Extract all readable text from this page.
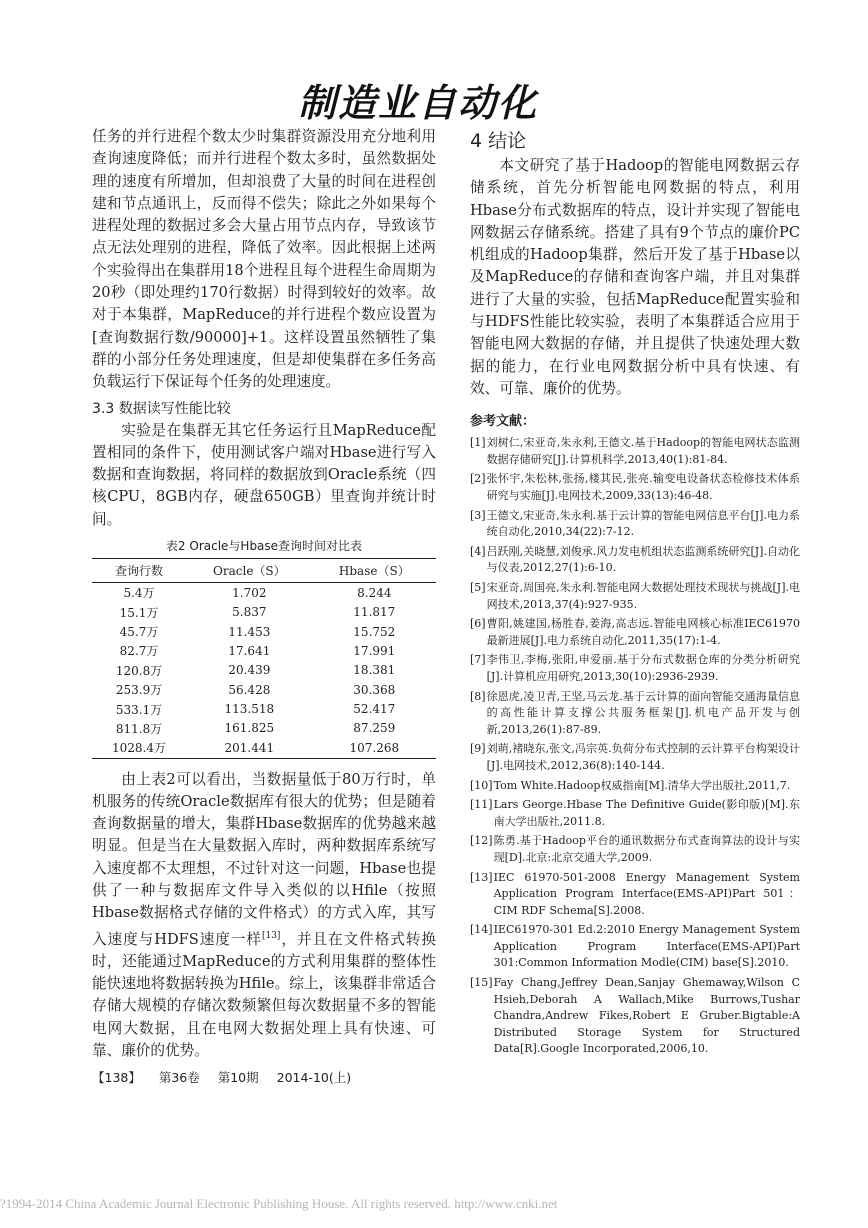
制造业自动化

任务的并行进程个数太少时集群资源没用充分地利用查询速度降低；而并行进程个数太多时，虽然数据处理的速度有所增加，但却浪费了大量的时间在进程创建和节点通讯上，反而得不偿失；除此之外如果每个进程处理的数据过多会大量占用节点内存，导致该节点无法处理别的进程，降低了效率。因此根据上述两个实验得出在集群用18个进程且每个进程生命周期为20秒（即处理约170行数据）时得到较好的效率。故对于本集群，MapReduce的并行进程个数应设置为[查询数据行数/90000]+1。这样设置虽然牺牲了集群的小部分任务处理速度，但是却使集群在多任务高负载运行下保证每个任务的处理速度。

3.3 数据读写性能比较

实验是在集群无其它任务运行且MapReduce配置相同的条件下，使用测试客户端对Hbase进行写入数据和查询数据，将同样的数据放到Oracle系统（四核CPU，8GB内存，硬盘650GB）里查询并统计时间。

表2 Oracle与Hbase查询时间对比表
查询行数	Oracle（S）	Hbase（S）
5.4万	1.702	8.244
15.1万	5.837	11.817
45.7万	11.453	15.752
82.7万	17.641	17.991
120.8万	20.439	18.381
253.9万	56.428	30.368
533.1万	113.518	52.417
811.8万	161.825	87.259
1028.4万	201.441	107.268

由上表2可以看出，当数据量低于80万行时，单机服务的传统Oracle数据库有很大的优势；但是随着查询数据量的增大，集群Hbase数据库的优势越来越明显。但是当在大量数据入库时，两种数据库系统写入速度都不太理想，不过针对这一问题，Hbase也提供了一种与数据库文件导入类似的以Hfile（按照Hbase数据格式存储的文件格式）的方式入库，其写入速度与HDFS速度一样[13]，并且在文件格式转换时，还能通过MapReduce的方式利用集群的整体性能快速地将数据转换为Hfile。综上，该集群非常适合存储大规模的存储次数频繁但每次数据量不多的智能电网大数据，且在电网大数据处理上具有快速、可靠、廉价的优势。

4 结论

本文研究了基于Hadoop的智能电网数据云存储系统，首先分析智能电网数据的特点，利用Hbase分布式数据库的特点，设计并实现了智能电网数据云存储系统。搭建了具有9个节点的廉价PC机组成的Hadoop集群，然后开发了基于Hbase以及MapReduce的存储和查询客户端，并且对集群进行了大量的实验，包括MapReduce配置实验和与HDFS性能比较实验，表明了本集群适合应用于智能电网大数据的存储，并且提供了快速处理大数据的能力，在行业电网数据分析中具有快速、有效、可靠、廉价的优势。

参考文献：
[1] 刘树仁,宋亚奇,朱永利,王德文.基于Hadoop的智能电网状态监测数据存储研究[J].计算机科学,2013,40(1):81-84.
[2] 张怀宇,朱松林,张扬,楼其民,张亮.输变电设备状态检修技术体系研究与实施[J].电网技术,2009,33(13):46-48.
[3] 王德文,宋亚奇,朱永利.基于云计算的智能电网信息平台[J].电力系统自动化,2010,34(22):7-12.
[4] 吕跃刚,关晓慧,刘俊承.风力发电机组状态监测系统研究[J].自动化与仪表,2012,27(1):6-10.
[5] 宋亚奇,周国亮,朱永利.智能电网大数据处理技术现状与挑战[J].电网技术,2013,37(4):927-935.
[6] 曹阳,姚建国,杨胜春,姜海,高志远.智能电网核心标准IEC61970最新进展[J].电力系统自动化,2011,35(17):1-4.
[7] 李伟卫,李梅,张阳,申爱丽.基于分布式数据仓库的分类分析研究[J].计算机应用研究,2013,30(10):2936-2939.
[8] 徐恩虎,凌卫青,王坚,马云龙.基于云计算的面向智能交通海量信息的高性能计算支撑公共服务框架[J].机电产品开发与创新,2013,26(1):87-89.
[9] 刘萌,褚晓东,张文,冯宗英.负荷分布式控制的云计算平台构架设计[J].电网技术,2012,36(8):140-144.
[10] Tom White.Hadoop权威指南[M].清华大学出版社,2011,7.
[11] Lars George.Hbase The Definitive Guide(影印版)[M].东南大学出版社,2011.8.
[12] 陈勇.基于Hadoop平台的通讯数据分布式查询算法的设计与实现[D].北京:北京交通大学,2009.
[13] IEC 61970-501-2008 Energy Management System Application Program Interface(EMS-API)Part 501：CIM RDF Schema[S].2008.
[14] IEC61970-301 Ed.2:2010 Energy Management System Application Program Interface(EMS-API)Part 301:Common Information Modle(CIM) base[S].2010.
[15] Fay Chang,Jeffrey Dean,Sanjay Ghemaway,Wilson C Hsieh,Deborah A Wallach,Mike Burrows,Tushar Chandra,Andrew Fikes,Robert E Gruber.Bigtable:A Distributed Storage System for Structured Data[R].Google Incorporated,2006,10.
【138】 第36卷 第10期 2014-10(上)
?1994-2014 China Academic Journal Electronic Publishing House. All rights reserved. http://www.cnki.net
